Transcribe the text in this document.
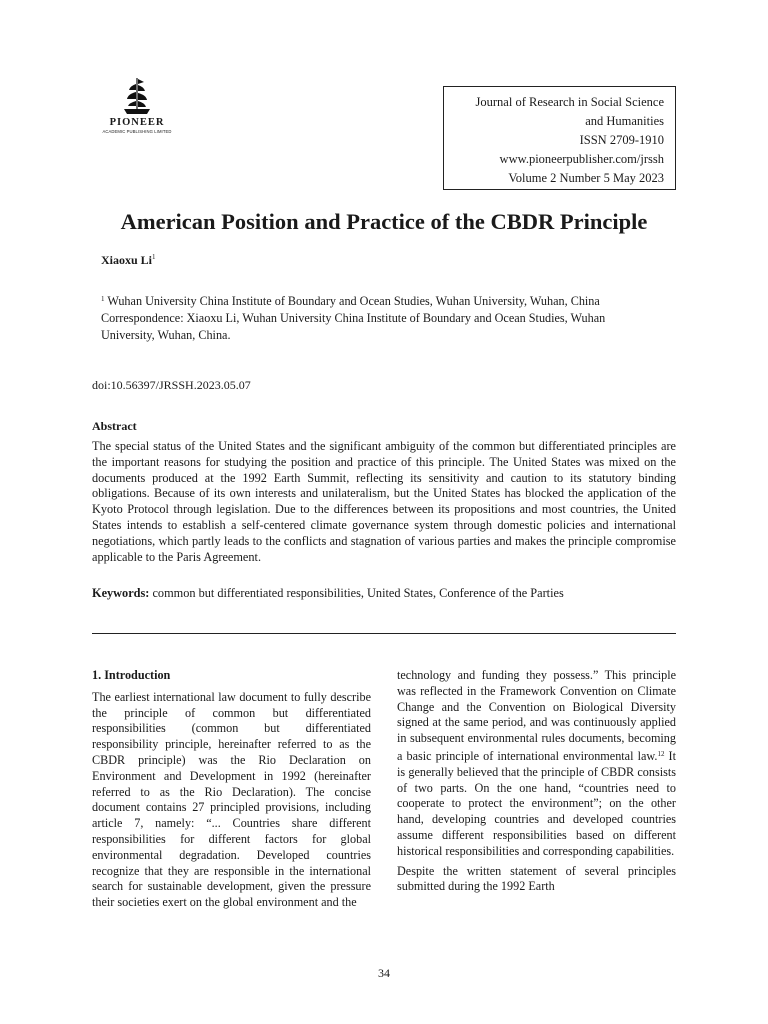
PIONEER
ACADEMIC PUBLISHING LIMITED
Journal of Research in Social Science
and Humanities
ISSN 2709-1910
www.pioneerpublisher.com/jrssh
Volume 2 Number 5 May 2023
American Position and Practice of the CBDR Principle
Xiaoxu Li$^1$
$^1$ Wuhan University China Institute of Boundary and Ocean Studies, Wuhan University, Wuhan, China
Correspondence: Xiaoxu Li, Wuhan University China Institute of Boundary and Ocean Studies, Wuhan University, Wuhan, China.
doi:10.56397/JRSSH.2023.05.07
Abstract

The special status of the United States and the significant ambiguity of the common but differentiated principles are the important reasons for studying the position and practice of this principle. The United States was mixed on the documents produced at the 1992 Earth Summit, reflecting its sensitivity and caution to its statutory binding obligations. Because of its own interests and unilateralism, but the United States has blocked the application of the Kyoto Protocol through legislation. Due to the differences between its propositions and most countries, the United States intends to establish a self-centered climate governance system through domestic policies and international negotiations, which partly leads to the conflicts and stagnation of various parties and makes the principle compromise applicable to the Paris Agreement.

Keywords: common but differentiated responsibilities, United States, Conference of the Parties
1. Introduction

The earliest international law document to fully describe the principle of common but differentiated responsibilities (common but differentiated responsibility principle, hereinafter referred to as the CBDR principle) was the Rio Declaration on Environment and Development in 1992 (hereinafter referred to as the Rio Declaration). The concise document contains 27 principled provisions, including article 7, namely: “... Countries share different responsibilities for different factors for global environmental degradation. Developed countries recognize that they are responsible in the international search for sustainable development, given the pressure their societies exert on the global environment and the

technology and funding they possess.” This principle was reflected in the Framework Convention on Climate Change and the Convention on Biological Diversity signed at the same period, and was continuously applied in subsequent environmental rules documents, becoming a basic principle of international environmental law.$^{12}$ It is generally believed that the principle of CBDR consists of two parts. On the one hand, “countries need to cooperate to protect the environment”; on the other hand, developing countries and developed countries assume different responsibilities based on different historical responsibilities and corresponding capabilities.

Despite the written statement of several principles submitted during the 1992 Earth

34
